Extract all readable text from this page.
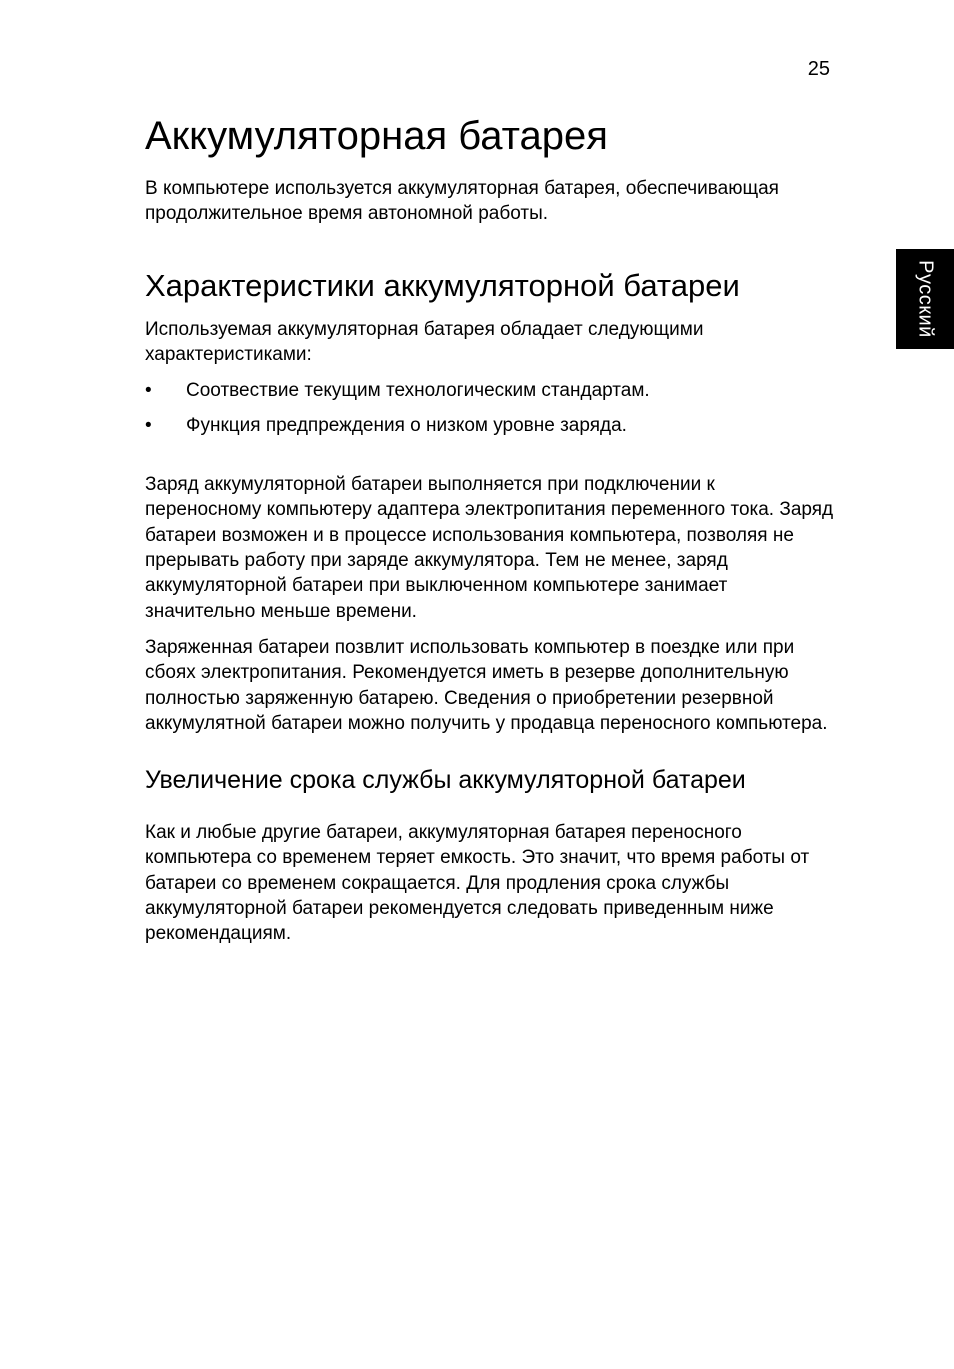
25
Русский
Аккумуляторная батарея

В компьютере используется аккумуляторная батарея, обеспечивающая продолжительное время автономной работы.

Характеристики аккумуляторной батареи

Используемая аккумуляторная батарея обладает следующими характеристиками:

• Соотвествие текущим технологическим стандартам.
• Функция предпреждения о низком уровне заряда.

Заряд аккумуляторной батареи выполняется при подключении к переносному компьютеру адаптера электропитания переменного тока. Заряд батареи возможен и в процессе использования компьютера, позволяя не прерывать работу при заряде аккумулятора. Тем не менее, заряд аккумуляторной батареи при выключенном компьютере занимает значительно меньше времени.

Заряженная батареи позвлит использовать компьютер в поездке или при сбоях электропитания. Рекомендуется иметь в резерве дополнительную полностью заряженную батарею. Сведения о приобретении резервной аккумулятной батареи можно получить у продавца переносного компьютера.

Увеличение срока службы аккумуляторной батареи

Как и любые другие батареи, аккумуляторная батарея переносного компьютера со временем теряет емкость. Это значит, что время работы от батареи со временем сокращается. Для продления срока службы аккумуляторной батареи рекомендуется следовать приведенным ниже рекомендациям.
